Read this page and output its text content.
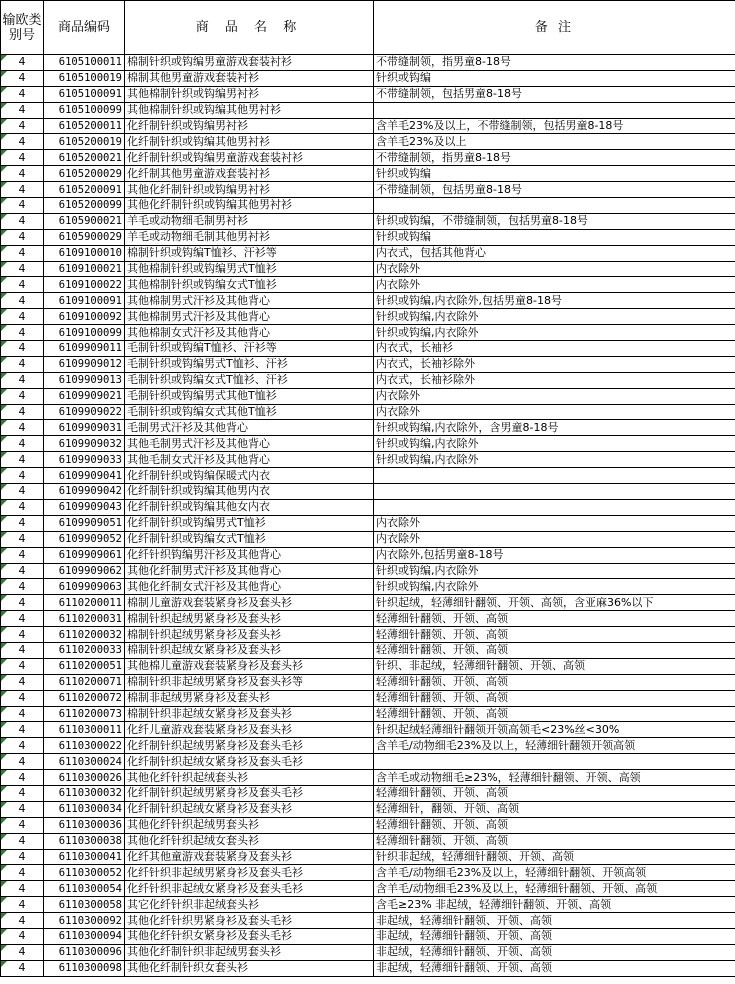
输欧类别号	商品编码	商 品 名 称	备 注

4	6105100011	棉制针织或钩编男童游戏套装衬衫	不带缝制领，指男童8-18号

4	6105100019	棉制其他男童游戏套装衬衫	针织或钩编

4	6105100091	其他棉制针织或钩编男衬衫	不带缝制领，包括男童8-18号

4	6105100099	其他棉制针织或钩编其他男衬衫	

4	6105200011	化纤制针织或钩编男衬衫	含羊毛23%及以上，不带缝制领，包括男童8-18号

4	6105200019	化纤制针织或钩编其他男衬衫	含羊毛23%及以上

4	6105200021	化纤制针织或钩编男童游戏套装衬衫	不带缝制领，指男童8-18号

4	6105200029	化纤制其他男童游戏套装衬衫	针织或钩编

4	6105200091	其他化纤制针织或钩编男衬衫	不带缝制领，包括男童8-18号

4	6105200099	其他化纤制针织或钩编其他男衬衫	

4	6105900021	羊毛或动物细毛制男衬衫	针织或钩编，不带缝制领，包括男童8-18号

4	6105900029	羊毛或动物细毛制其他男衬衫	针织或钩编

4	6109100010	棉制针织或钩编T恤衫、汗衫等	内衣式，包括其他背心

4	6109100021	其他棉制针织或钩编男式T恤衫	内衣除外

4	6109100022	其他棉制针织或钩编女式T恤衫	内衣除外

4	6109100091	其他棉制男式汗衫及其他背心	针织或钩编,内衣除外,包括男童8-18号

4	6109100092	其他棉制男式汗衫及其他背心	针织或钩编,内衣除外

4	6109100099	其他棉制女式汗衫及其他背心	针织或钩编,内衣除外

4	6109909011	毛制针织或钩编T恤衫、汗衫等	内衣式，长袖衫

4	6109909012	毛制针织或钩编男式T恤衫、汗衫	内衣式，长袖衫除外

4	6109909013	毛制针织或钩编女式T恤衫、汗衫	内衣式，长袖衫除外

4	6109909021	毛制针织或钩编男式其他T恤衫	内衣除外

4	6109909022	毛制针织或钩编女式其他T恤衫	内衣除外

4	6109909031	毛制男式汗衫及其他背心	针织或钩编,内衣除外，含男童8-18号

4	6109909032	其他毛制男式汗衫及其他背心	针织或钩编,内衣除外

4	6109909033	其他毛制女式汗衫及其他背心	针织或钩编,内衣除外

4	6109909041	化纤制针织或钩编保暖式内衣	

4	6109909042	化纤制针织或钩编其他男内衣	

4	6109909043	化纤制针织或钩编其他女内衣	

4	6109909051	化纤制针织或钩编男式T恤衫	内衣除外

4	6109909052	化纤制针织或钩编女式T恤衫	内衣除外

4	6109909061	化纤针织钩编男汗衫及其他背心	内衣除外,包括男童8-18号

4	6109909062	其他化纤制男式汗衫及其他背心	针织或钩编,内衣除外

4	6109909063	其他化纤制女式汗衫及其他背心	针织或钩编,内衣除外

4	6110200011	棉制儿童游戏套装紧身衫及套头衫	针织起绒，轻薄细针翻领、开领、高领，含亚麻36%以下

4	6110200031	棉制针织起绒男紧身衫及套头衫	轻薄细针翻领、开领、高领

4	6110200032	棉制针织起绒男紧身衫及套头衫	轻薄细针翻领、开领、高领

4	6110200033	棉制针织起绒女紧身衫及套头衫	轻薄细针翻领、开领、高领

4	6110200051	其他棉儿童游戏套装紧身衫及套头衫	针织、非起绒，轻薄细针翻领、开领、高领

4	6110200071	棉制针织非起绒男紧身衫及套头衫等	轻薄细针翻领、开领、高领

4	6110200072	棉制非起绒男紧身衫及套头衫	轻薄细针翻领、开领、高领

4	6110200073	棉制针织非起绒女紧身衫及套头衫	轻薄细针翻领、开领、高领

4	6110300011	化纤儿童游戏套装紧身衫及套头衫	针织起绒轻薄细针翻领开领高领毛<23%丝<30%

4	6110300022	化纤制针织起绒男紧身衫及套头毛衫	含羊毛/动物细毛23%及以上，轻薄细针翻领开领高领

4	6110300024	化纤制针织起绒女紧身衫及套头毛衫	

4	6110300026	其他化纤针织起绒套头衫	含羊毛或动物细毛≥23%，轻薄细针翻领、开领、高领

4	6110300032	化纤制针织起绒男紧身衫及套头毛衫	轻薄细针翻领、开领、高领

4	6110300034	化纤制针织起绒女紧身衫及套头衫	轻薄细针，翻领、开领、高领

4	6110300036	其他化纤针织起绒男套头衫	轻薄细针翻领、开领、高领

4	6110300038	其他化纤针织起绒女套头衫	轻薄细针翻领、开领、高领

4	6110300041	化纤其他童游戏套装紧身及套头衫	针织非起绒，轻薄细针翻领、开领、高领

4	6110300052	化纤针织非起绒男紧身衫及套头毛衫	含羊毛/动物细毛23%及以上，轻薄细针翻领、开领高领

4	6110300054	化纤针织非起绒女紧身衫及套头毛衫	含羊毛/动物细毛23%及以上，轻薄细针翻领、开领、高领

4	6110300058	其它化纤针织非起绒套头衫	含毛≥23% 非起绒，轻薄细针翻领、开领、高领

4	6110300092	其他化纤针织男紧身衫及套头毛衫	非起绒，轻薄细针翻领、开领、高领

4	6110300094	其他化纤针织女紧身衫及套头毛衫	非起绒，轻薄细针翻领、开领、高领

4	6110300096	其他化纤制针织非起绒男套头衫	非起绒，轻薄细针翻领、开领、高领

4	6110300098	其他化纤制针织女套头衫	非起绒，轻薄细针翻领、开领、高领
